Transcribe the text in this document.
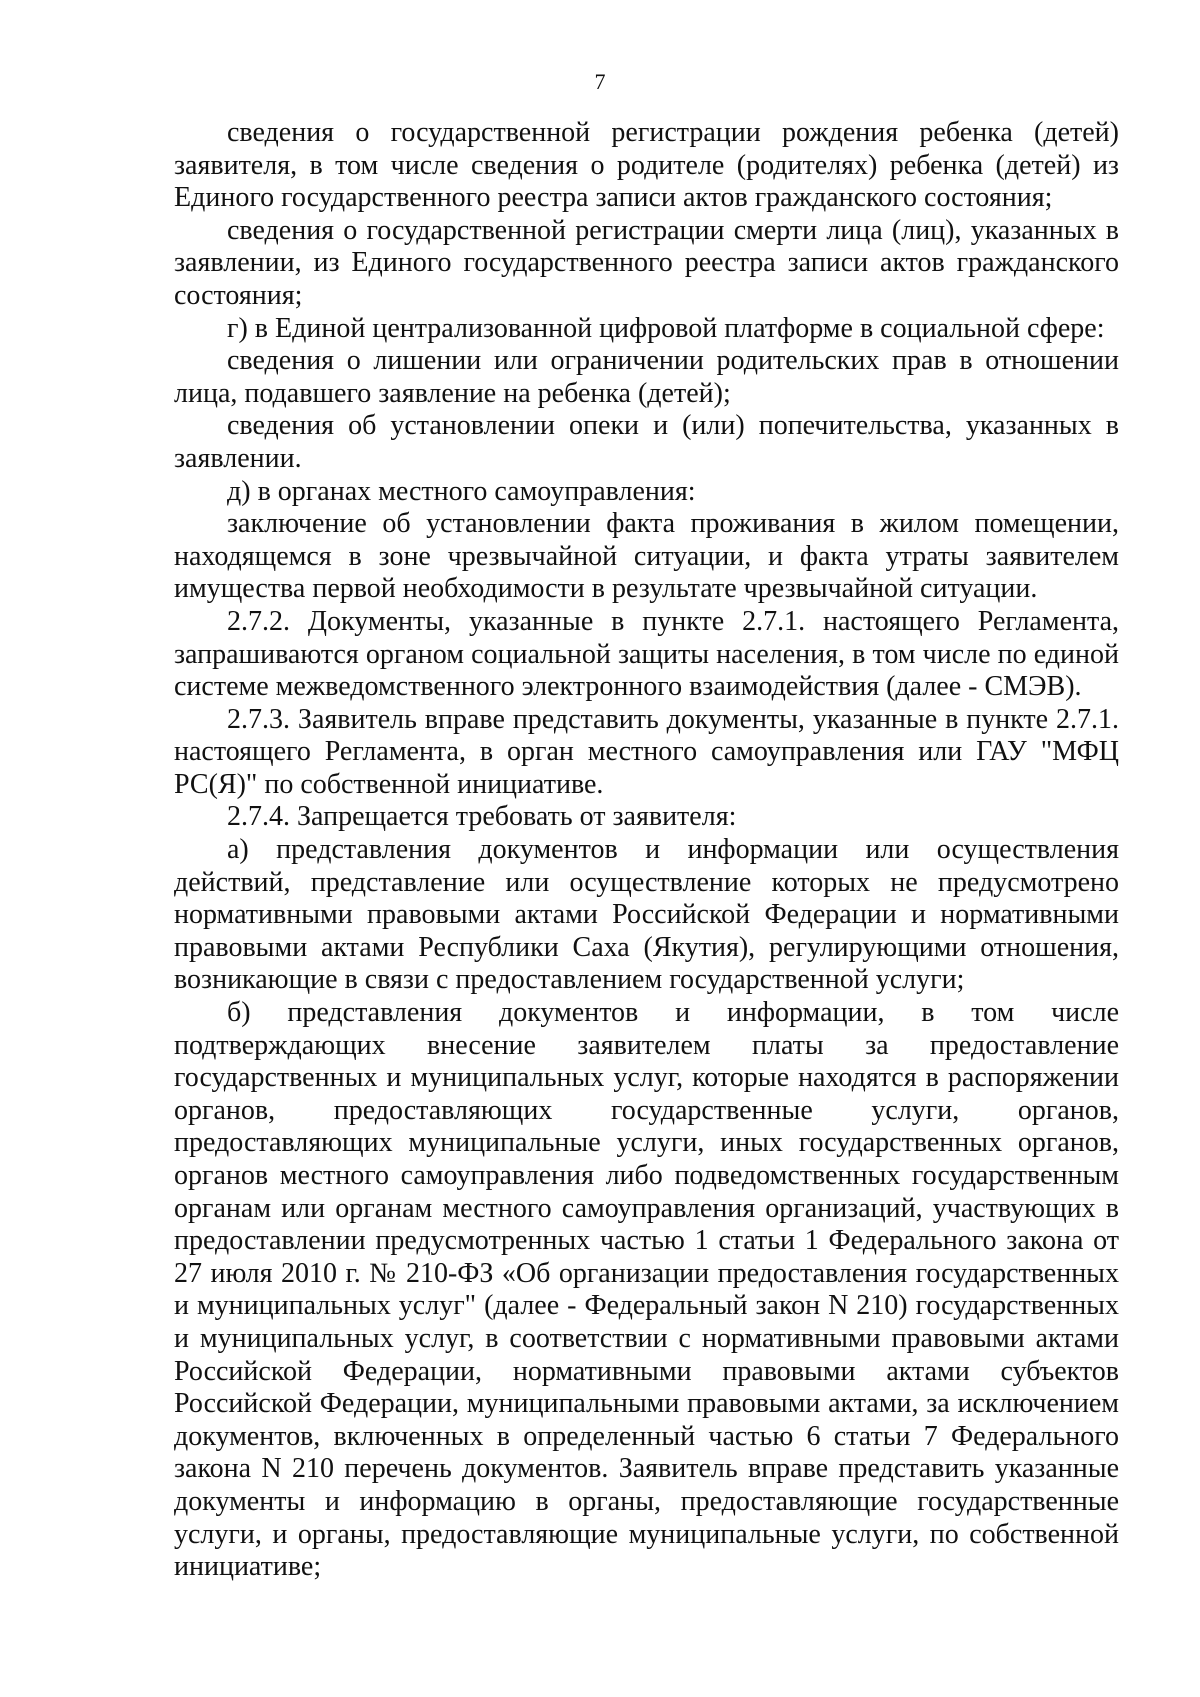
7

сведения о государственной регистрации рождения ребенка (детей) заявителя, в том числе сведения о родителе (родителях) ребенка (детей) из Единого государственного реестра записи актов гражданского состояния;

сведения о государственной регистрации смерти лица (лиц), указанных в заявлении, из Единого государственного реестра записи актов гражданского состояния;

г) в Единой централизованной цифровой платформе в социальной сфере:

сведения о лишении или ограничении родительских прав в отношении лица, подавшего заявление на ребенка (детей);

сведения об установлении опеки и (или) попечительства, указанных в заявлении.

д) в органах местного самоуправления:

заключение об установлении факта проживания в жилом помещении, находящемся в зоне чрезвычайной ситуации, и факта утраты заявителем имущества первой необходимости в результате чрезвычайной ситуации.

2.7.2. Документы, указанные в пункте 2.7.1. настоящего Регламента, запрашиваются органом социальной защиты населения, в том числе по единой системе межведомственного электронного взаимодействия (далее - СМЭВ).

2.7.3. Заявитель вправе представить документы, указанные в пункте 2.7.1. настоящего Регламента, в орган местного самоуправления или ГАУ "МФЦ РС(Я)" по собственной инициативе.

2.7.4. Запрещается требовать от заявителя:

а) представления документов и информации или осуществления действий, представление или осуществление которых не предусмотрено нормативными правовыми актами Российской Федерации и нормативными правовыми актами Республики Саха (Якутия), регулирующими отношения, возникающие в связи с предоставлением государственной услуги;

б) представления документов и информации, в том числе подтверждающих внесение заявителем платы за предоставление государственных и муниципальных услуг, которые находятся в распоряжении органов, предоставляющих государственные услуги, органов, предоставляющих муниципальные услуги, иных государственных органов, органов местного самоуправления либо подведомственных государственным органам или органам местного самоуправления организаций, участвующих в предоставлении предусмотренных частью 1 статьи 1 Федерального закона от 27 июля 2010 г. № 210-ФЗ «Об организации предоставления государственных и муниципальных услуг" (далее - Федеральный закон N 210) государственных и муниципальных услуг, в соответствии с нормативными правовыми актами Российской Федерации, нормативными правовыми актами субъектов Российской Федерации, муниципальными правовыми актами, за исключением документов, включенных в определенный частью 6 статьи 7 Федерального закона N 210 перечень документов. Заявитель вправе представить указанные документы и информацию в органы, предоставляющие государственные услуги, и органы, предоставляющие муниципальные услуги, по собственной инициативе;
